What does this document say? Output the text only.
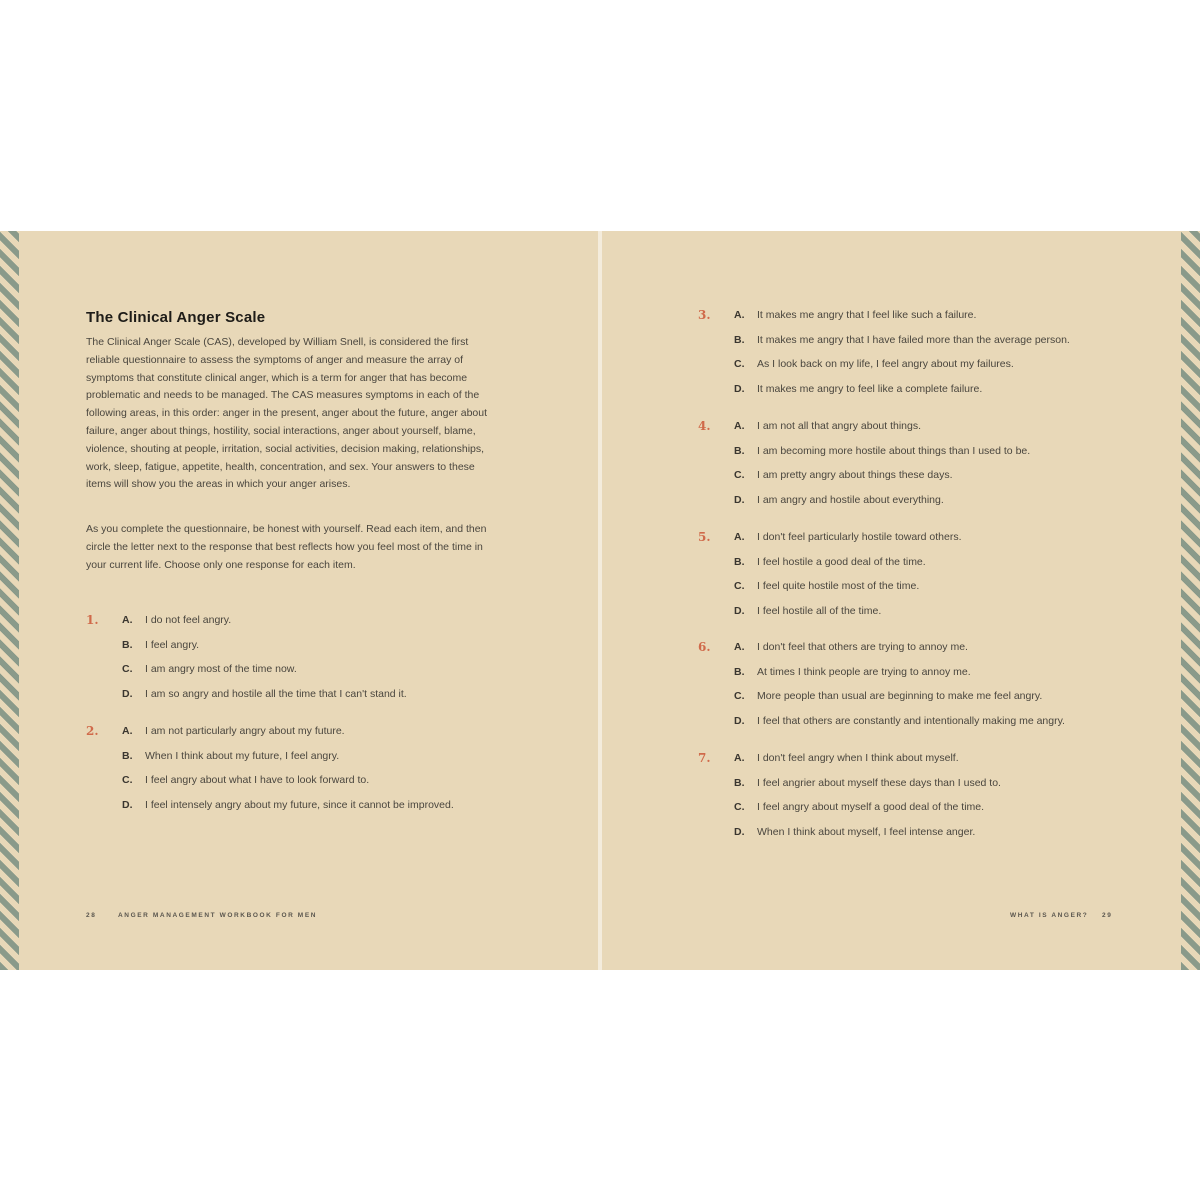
The Clinical Anger Scale

The Clinical Anger Scale (CAS), developed by William Snell, is considered the first reliable questionnaire to assess the symptoms of anger and measure the array of symptoms that constitute clinical anger, which is a term for anger that has become problematic and needs to be managed. The CAS measures symptoms in each of the following areas, in this order: anger in the present, anger about the future, anger about failure, anger about things, hostility, social interactions, anger about yourself, blame, violence, shouting at people, irritation, social activities, decision making, relationships, work, sleep, fatigue, appetite, health, concentration, and sex. Your answers to these items will show you the areas in which your anger arises.

As you complete the questionnaire, be honest with yourself. Read each item, and then circle the letter next to the response that best reflects how you feel most of the time in your current life. Choose only one response for each item.

1. A. I do not feel angry.
B. I feel angry.
C. I am angry most of the time now.
D. I am so angry and hostile all the time that I can't stand it.
2. A. I am not particularly angry about my future.
B. When I think about my future, I feel angry.
C. I feel angry about what I have to look forward to.
D. I feel intensely angry about my future, since it cannot be improved.
28	ANGER MANAGEMENT WORKBOOK FOR MEN
3. A. It makes me angry that I feel like such a failure.
B. It makes me angry that I have failed more than the average person.
C. As I look back on my life, I feel angry about my failures.
D. It makes me angry to feel like a complete failure.
4. A. I am not all that angry about things.
B. I am becoming more hostile about things than I used to be.
C. I am pretty angry about things these days.
D. I am angry and hostile about everything.
5. A. I don't feel particularly hostile toward others.
B. I feel hostile a good deal of the time.
C. I feel quite hostile most of the time.
D. I feel hostile all of the time.
6. A. I don't feel that others are trying to annoy me.
B. At times I think people are trying to annoy me.
C. More people than usual are beginning to make me feel angry.
D. I feel that others are constantly and intentionally making me angry.
7. A. I don't feel angry when I think about myself.
B. I feel angrier about myself these days than I used to.
C. I feel angry about myself a good deal of the time.
D. When I think about myself, I feel intense anger.
WHAT IS ANGER? 29
